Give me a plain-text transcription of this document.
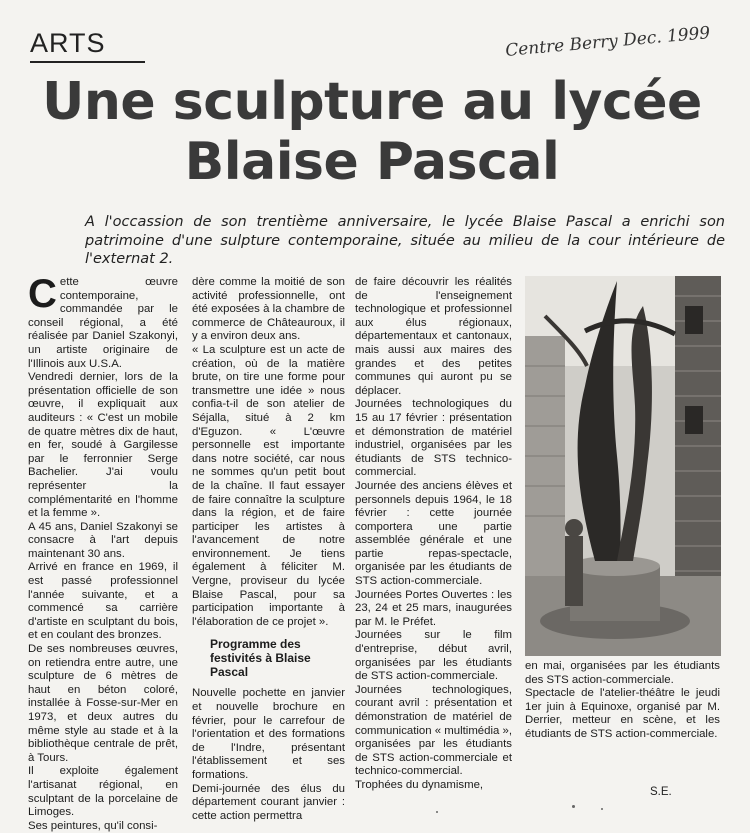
ARTS	Centre Berry Dec. 1999
Une sculpture au lycée
Blaise Pascal
A l'occassion de son trentième anniversaire, le lycée Blaise Pascal a enrichi son patrimoine d'une sulpture contemporaine, située au milieu de la cour intérieure de l'externat 2.

Cette œuvre contemporaine, commandée par le conseil régional, a été réalisée par Daniel Szakonyi, un artiste originaire de l'Illinois aux U.S.A.

Vendredi dernier, lors de la présentation officielle de son œuvre, il expliquait aux auditeurs : « C'est un mobile de quatre mètres dix de haut, en fer, soudé à Gargilesse par le ferronnier Serge Bachelier. J'ai voulu représenter la complémentarité en l'homme et la femme ».

A 45 ans, Daniel Szakonyi se consacre à l'art depuis maintenant 30 ans.

Arrivé en france en 1969, il est passé professionnel l'année suivante, et a commencé sa carrière d'artiste en sculptant du bois, et en coulant des bronzes.

De ses nombreuses œuvres, on retiendra entre autre, une sculpture de 6 mètres de haut en béton coloré, installée à Fosse-sur-Mer en 1973, et deux autres du même style au stade et à la bibliothèque centrale de prêt, à Tours.

Il exploite également l'artisanat régional, en sculptant de la porcelaine de Limoges.

Ses peintures, qu'il consi-

dère comme la moitié de son activité professionnelle, ont été exposées à la chambre de commerce de Châteauroux, il y a environ deux ans.

« La sculpture est un acte de création, où de la matière brute, on tire une forme pour transmettre une idée » nous confia-t-il de son atelier de Séjalla, situé à 2 km d'Eguzon. « L'œuvre personnelle est importante dans notre société, car nous ne sommes qu'un petit bout de la chaîne. Il faut essayer de faire connaître la sculpture dans la région, et de faire participer les artistes à l'avancement de notre environnement. Je tiens également à féliciter M. Vergne, proviseur du lycée Blaise Pascal, pour sa participation importante à l'élaboration de ce projet ».

Programme des festivités à Blaise Pascal

Nouvelle pochette en janvier et nouvelle brochure en février, pour le carrefour de l'orientation et des formations de l'Indre, présentant l'établissement et ses formations.

Demi-journée des élus du département courant janvier : cette action permettra

de faire découvrir les réalités de l'enseignement technologique et professionnel aux élus régionaux, départementaux et cantonaux, mais aussi aux maires des grandes et des petites communes qui auront pu se déplacer.

Journées technologiques du 15 au 17 février : présentation et démonstration de matériel industriel, organisées par les étudiants de STS technico-commercial.

Journée des anciens élèves et personnels depuis 1964, le 18 février : cette journée comportera une partie assemblée générale et une partie repas-spectacle, organisée par les étudiants de STS action-commerciale.

Journées Portes Ouvertes : les 23, 24 et 25 mars, inaugurées par M. le Préfet.

Journées sur le film d'entreprise, début avril, organisées par les étudiants de STS action-commerciale.

Journées technologiques, courant avril : présentation et démonstration de matériel de communication « multimédia », organisées par les étudiants de STS action-commerciale et technico-commercial.

Trophées du dynamisme,

en mai, organisées par les étudiants des STS action-commerciale.

Spectacle de l'atelier-théâtre le jeudi 1er juin à Equinoxe, organisé par M. Derrier, metteur en scène, et les étudiants de STS action-commerciale.

S.E.
